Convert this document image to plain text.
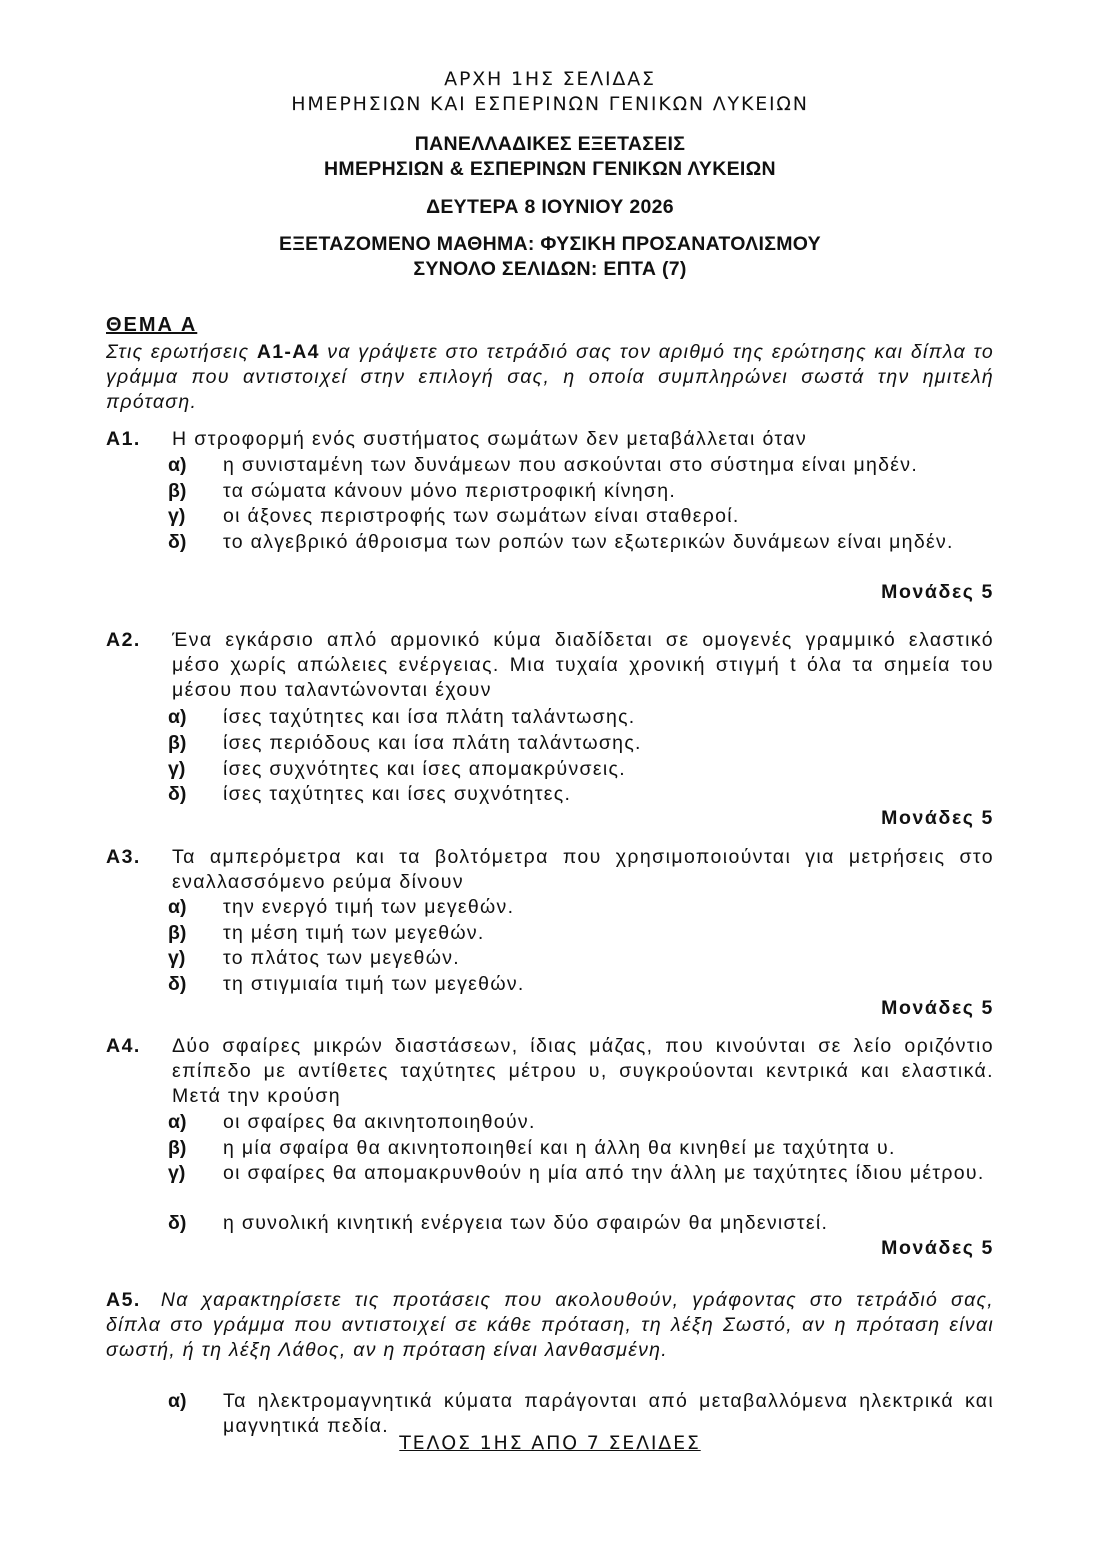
ΑΡΧΗ 1ΗΣ ΣΕΛΙΔΑΣ
ΗΜΕΡΗΣΙΩΝ ΚΑΙ ΕΣΠΕΡΙΝΩΝ ΓΕΝΙΚΩΝ ΛΥΚΕΙΩΝ
ΠΑΝΕΛΛΑΔΙΚΕΣ ΕΞΕΤΑΣΕΙΣ
ΗΜΕΡΗΣΙΩΝ & ΕΣΠΕΡΙΝΩΝ ΓΕΝΙΚΩΝ ΛΥΚΕΙΩΝ
ΔΕΥΤΕΡΑ 8 ΙΟΥΝΙΟΥ 2026
ΕΞΕΤΑΖΟΜΕΝΟ ΜΑΘΗΜΑ: ΦΥΣΙΚΗ ΠΡΟΣΑΝΑΤΟΛΙΣΜΟΥ
ΣΥΝΟΛΟ ΣΕΛΙΔΩΝ: ΕΠΤΑ (7)
ΘΕΜΑ Α
Στις ερωτήσεις Α1-Α4 να γράψετε στο τετράδιό σας τον αριθμό της ερώτησης και δίπλα το γράμμα που αντιστοιχεί στην επιλογή σας, η οποία συμπληρώνει σωστά την ημιτελή πρόταση.
Α1. Η στροφορμή ενός συστήματος σωμάτων δεν μεταβάλλεται όταν
α) η συνισταμένη των δυνάμεων που ασκούνται στο σύστημα είναι μηδέν.
β) τα σώματα κάνουν μόνο περιστροφική κίνηση.
γ) οι άξονες περιστροφής των σωμάτων είναι σταθεροί.
δ) το αλγεβρικό άθροισμα των ροπών των εξωτερικών δυνάμεων είναι μηδέν.
Μονάδες 5
Α2. Ένα εγκάρσιο απλό αρμονικό κύμα διαδίδεται σε ομογενές γραμμικό ελαστικό μέσο χωρίς απώλειες ενέργειας. Μια τυχαία χρονική στιγμή t όλα τα σημεία του μέσου που ταλαντώνονται έχουν
α) ίσες ταχύτητες και ίσα πλάτη ταλάντωσης.
β) ίσες περιόδους και ίσα πλάτη ταλάντωσης.
γ) ίσες συχνότητες και ίσες απομακρύνσεις.
δ) ίσες ταχύτητες και ίσες συχνότητες.
Μονάδες 5
Α3. Τα αμπερόμετρα και τα βολτόμετρα που χρησιμοποιούνται για μετρήσεις στο εναλλασσόμενο ρεύμα δίνουν
α) την ενεργό τιμή των μεγεθών.
β) τη μέση τιμή των μεγεθών.
γ) το πλάτος των μεγεθών.
δ) τη στιγμιαία τιμή των μεγεθών.
Μονάδες 5
Α4. Δύο σφαίρες μικρών διαστάσεων, ίδιας μάζας, που κινούνται σε λείο οριζόντιο επίπεδο με αντίθετες ταχύτητες μέτρου υ, συγκρούονται κεντρικά και ελαστικά. Μετά την κρούση
α) οι σφαίρες θα ακινητοποιηθούν.
β) η μία σφαίρα θα ακινητοποιηθεί και η άλλη θα κινηθεί με ταχύτητα υ.
γ) οι σφαίρες θα απομακρυνθούν η μία από την άλλη με ταχύτητες ίδιου μέτρου.
δ) η συνολική κινητική ενέργεια των δύο σφαιρών θα μηδενιστεί.
Μονάδες 5
Α5. Να χαρακτηρίσετε τις προτάσεις που ακολουθούν, γράφοντας στο τετράδιό σας, δίπλα στο γράμμα που αντιστοιχεί σε κάθε πρόταση, τη λέξη Σωστό, αν η πρόταση είναι σωστή, ή τη λέξη Λάθος, αν η πρόταση είναι λανθασμένη.
α) Τα ηλεκτρομαγνητικά κύματα παράγονται από μεταβαλλόμενα ηλεκτρικά και μαγνητικά πεδία.
ΤΕΛΟΣ 1ΗΣ ΑΠΟ 7 ΣΕΛΙΔΕΣ
